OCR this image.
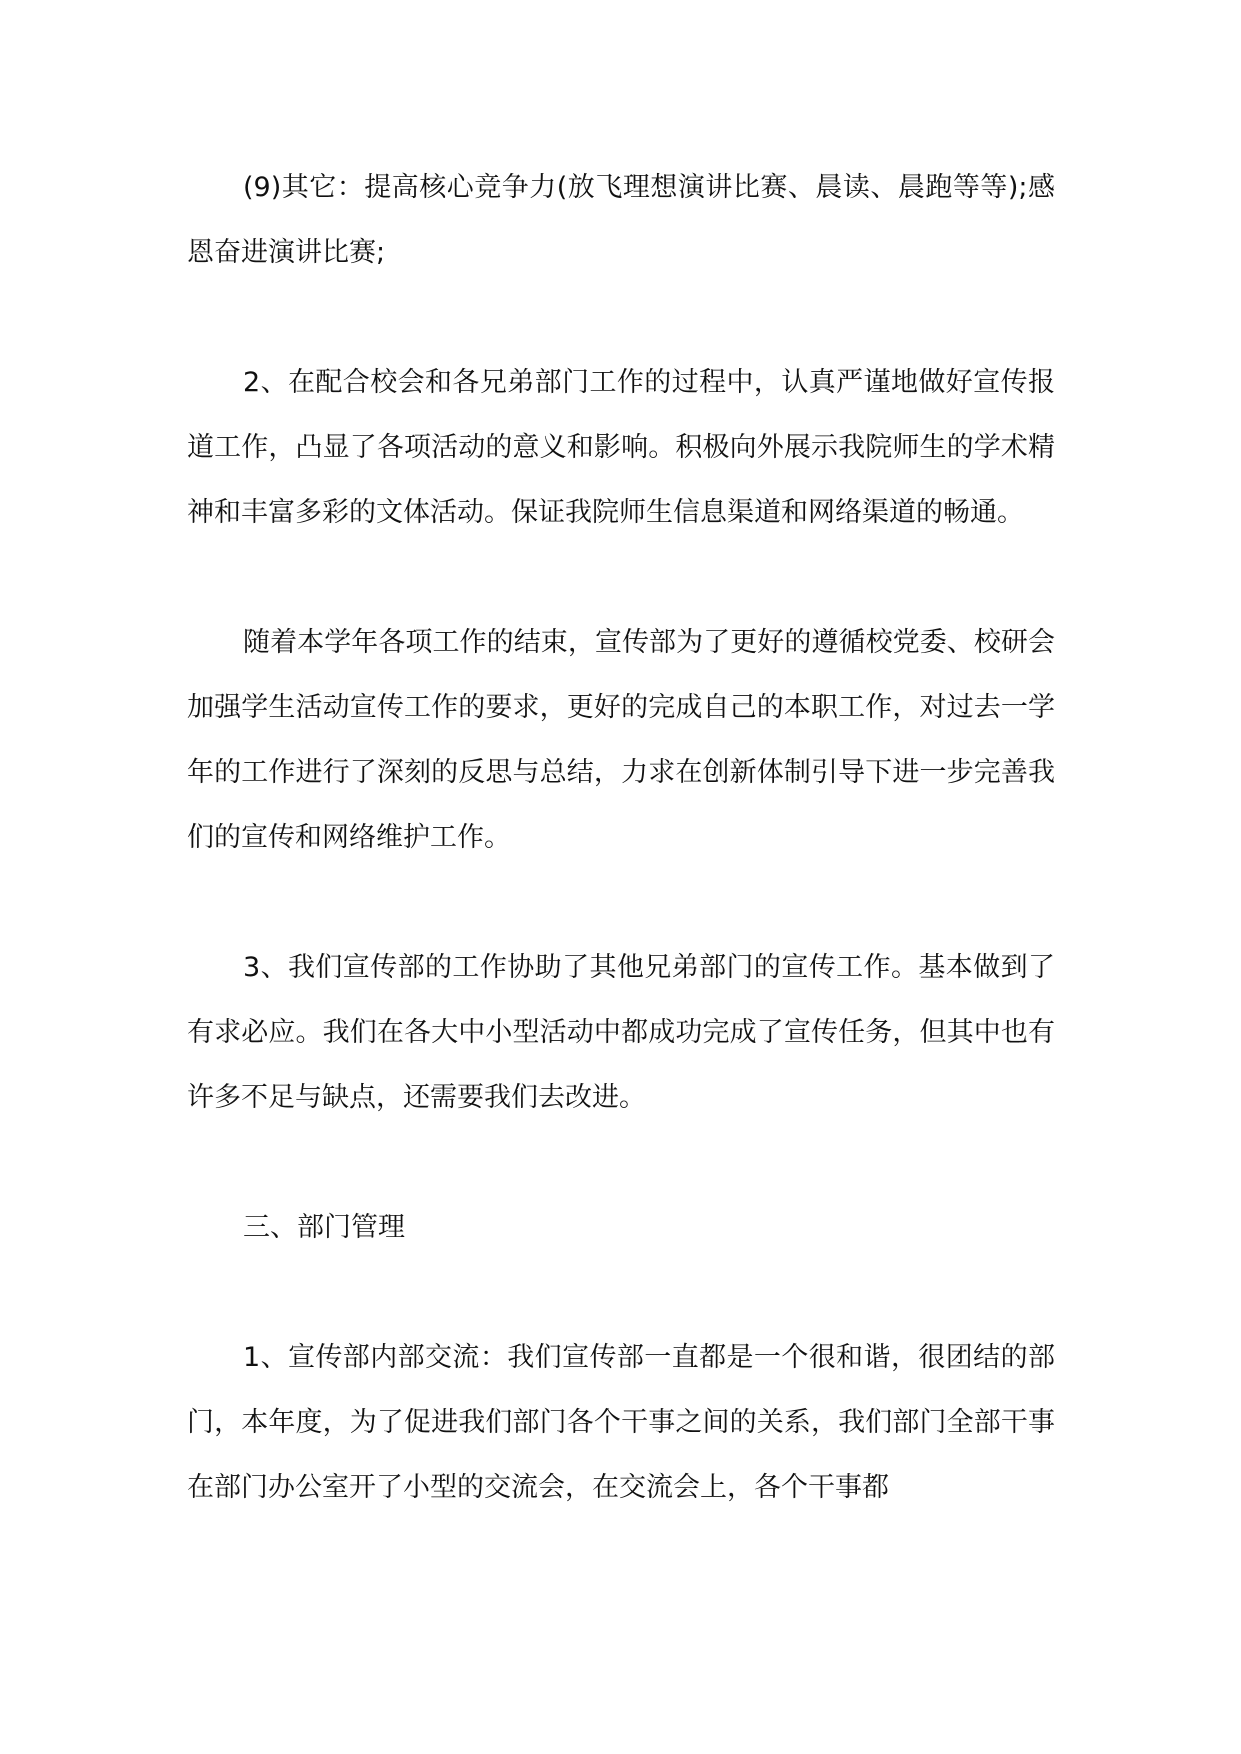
(9)其它：提高核心竞争力(放飞理想演讲比赛、晨读、晨跑等等);感恩奋进演讲比赛;

2、在配合校会和各兄弟部门工作的过程中，认真严谨地做好宣传报道工作，凸显了各项活动的意义和影响。积极向外展示我院师生的学术精神和丰富多彩的文体活动。保证我院师生信息渠道和网络渠道的畅通。

随着本学年各项工作的结束，宣传部为了更好的遵循校党委、校研会加强学生活动宣传工作的要求，更好的完成自己的本职工作，对过去一学年的工作进行了深刻的反思与总结，力求在创新体制引导下进一步完善我们的宣传和网络维护工作。

3、我们宣传部的工作协助了其他兄弟部门的宣传工作。基本做到了有求必应。我们在各大中小型活动中都成功完成了宣传任务，但其中也有许多不足与缺点，还需要我们去改进。

三、部门管理

1、宣传部内部交流：我们宣传部一直都是一个很和谐，很团结的部门，本年度，为了促进我们部门各个干事之间的关系，我们部门全部干事在部门办公室开了小型的交流会，在交流会上，各个干事都
